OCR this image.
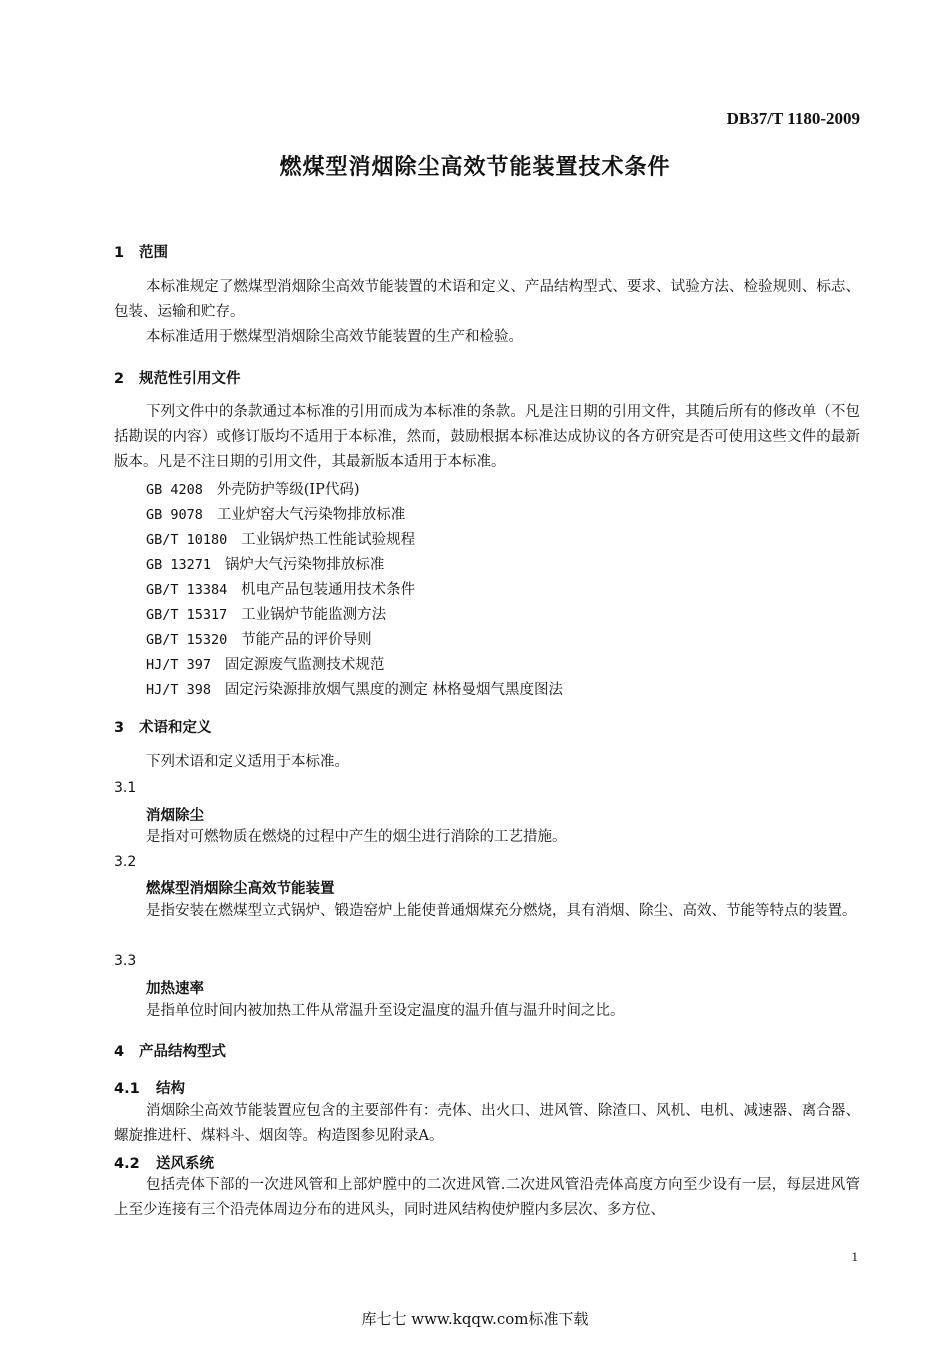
DB37/T 1180-2009
燃煤型消烟除尘高效节能装置技术条件
1 范围
本标准规定了燃煤型消烟除尘高效节能装置的术语和定义、产品结构型式、要求、试验方法、检验规则、标志、包装、运输和贮存。
本标准适用于燃煤型消烟除尘高效节能装置的生产和检验。
2 规范性引用文件
下列文件中的条款通过本标准的引用而成为本标准的条款。凡是注日期的引用文件，其随后所有的修改单（不包括勘误的内容）或修订版均不适用于本标准，然而，鼓励根据本标准达成协议的各方研究是否可使用这些文件的最新版本。凡是不注日期的引用文件，其最新版本适用于本标准。
GB 4208 外壳防护等级(IP代码)
GB 9078 工业炉窑大气污染物排放标准
GB/T 10180 工业锅炉热工性能试验规程
GB 13271 锅炉大气污染物排放标准
GB/T 13384 机电产品包装通用技术条件
GB/T 15317 工业锅炉节能监测方法
GB/T 15320 节能产品的评价导则
HJ/T 397 固定源废气监测技术规范
HJ/T 398 固定污染源排放烟气黑度的测定 林格曼烟气黑度图法
3 术语和定义
下列术语和定义适用于本标准。
3.1
消烟除尘
是指对可燃物质在燃烧的过程中产生的烟尘进行消除的工艺措施。
3.2
燃煤型消烟除尘高效节能装置
是指安装在燃煤型立式锅炉、锻造窑炉上能使普通烟煤充分燃烧，具有消烟、除尘、高效、节能等特点的装置。
3.3
加热速率
是指单位时间内被加热工件从常温升至设定温度的温升值与温升时间之比。
4 产品结构型式
4.1 结构
消烟除尘高效节能装置应包含的主要部件有：壳体、出火口、进风管、除渣口、风机、电机、减速器、离合器、螺旋推进杆、煤料斗、烟囱等。构造图参见附录A。
4.2 送风系统
包括壳体下部的一次进风管和上部炉膛中的二次进风管.二次进风管沿壳体高度方向至少设有一层，每层进风管上至少连接有三个沿壳体周边分布的进风头，同时进风结构使炉膛内多层次、多方位、
1
库七七 www.kqqw.com标准下载
